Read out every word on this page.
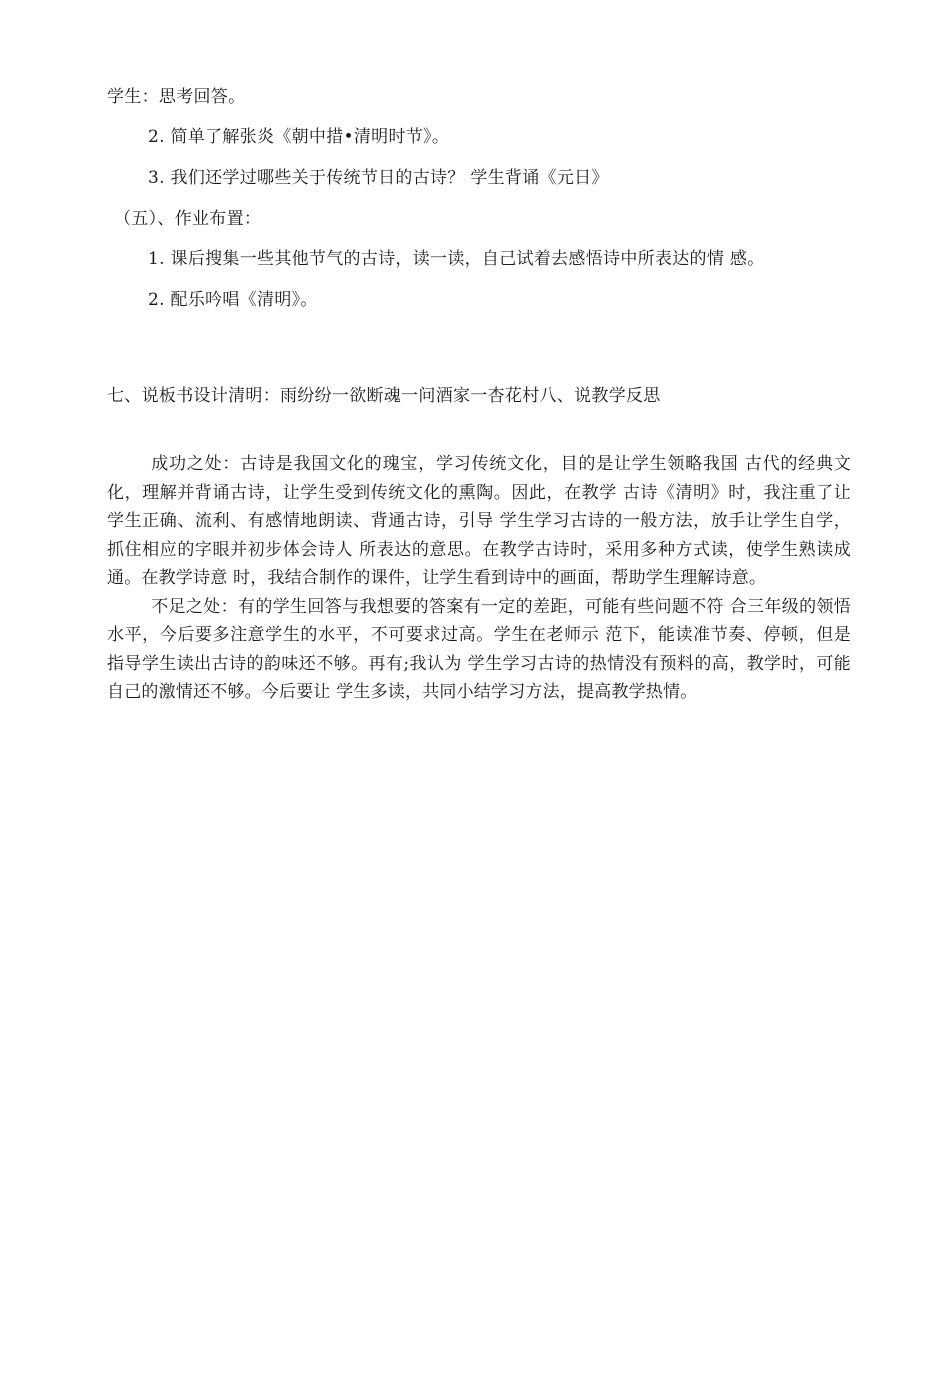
学生：思考回答。
2. 简单了解张炎《朝中措•清明时节》。
3. 我们还学过哪些关于传统节日的古诗？ 学生背诵《元日》
（五）、作业布置：
1. 课后搜集一些其他节气的古诗，读一读，自己试着去感悟诗中所表达的情 感。
2. 配乐吟唱《清明》。
七、说板书设计清明：雨纷纷一欲断魂一问酒家一杏花村八、说教学反思

成功之处：古诗是我国文化的瑰宝，学习传统文化，目的是让学生领略我国 古代的经典文化，理解并背诵古诗，让学生受到传统文化的熏陶。因此，在教学 古诗《清明》时，我注重了让学生正确、流利、有感情地朗读、背通古诗，引导 学生学习古诗的一般方法，放手让学生自学，抓住相应的字眼并初步体会诗人 所表达的意思。在教学古诗时，采用多种方式读，使学生熟读成通。在教学诗意 时，我结合制作的课件，让学生看到诗中的画面，帮助学生理解诗意。

不足之处：有的学生回答与我想要的答案有一定的差距，可能有些问题不符 合三年级的领悟水平，今后要多注意学生的水平，不可要求过高。学生在老师示 范下，能读准节奏、停顿，但是指导学生读出古诗的韵味还不够。再有;我认为 学生学习古诗的热情没有预料的高，教学时，可能自己的激情还不够。今后要让 学生多读，共同小结学习方法，提高教学热情。
